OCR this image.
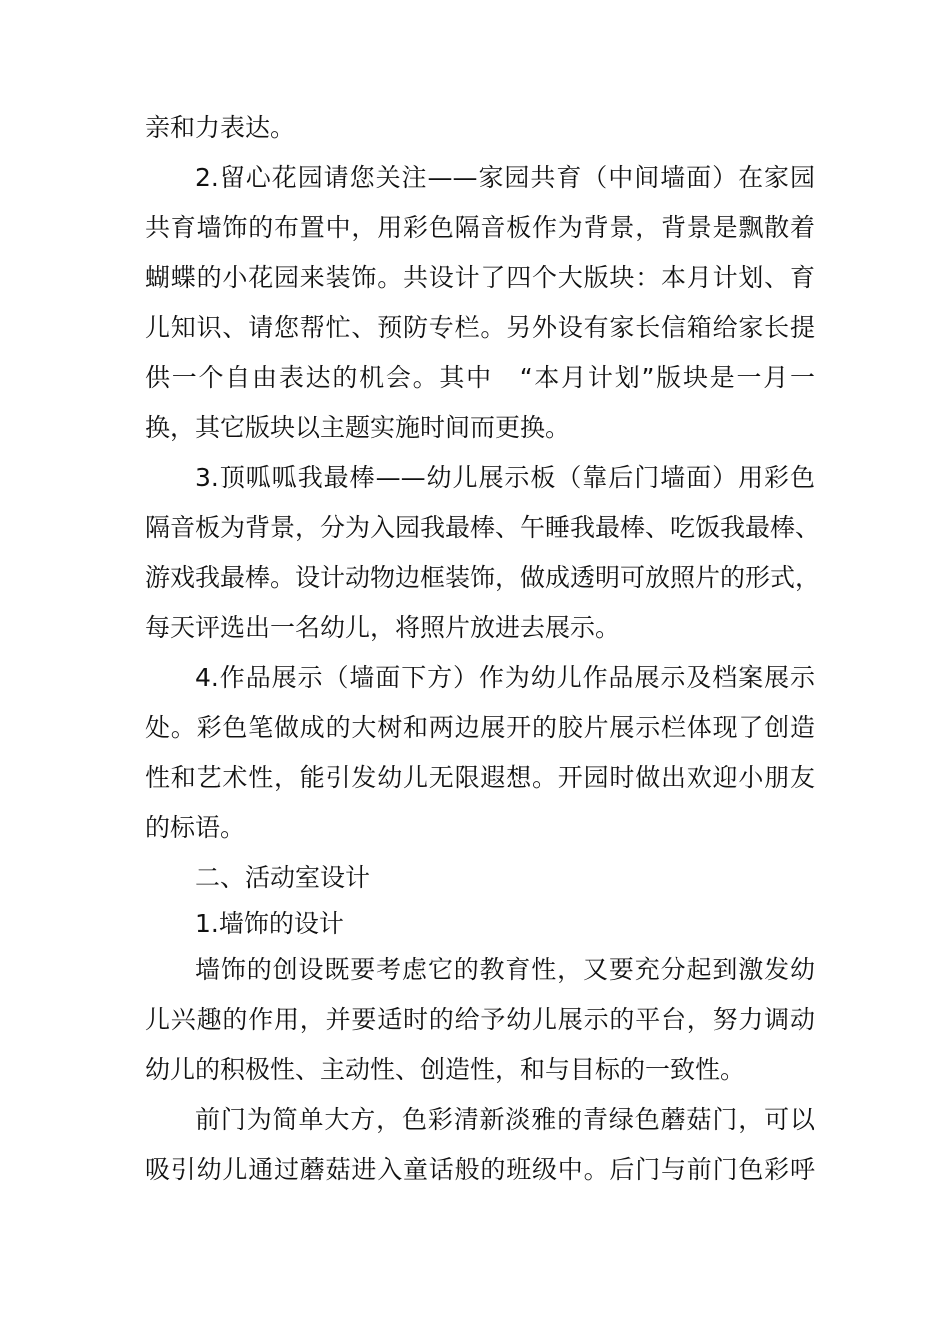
亲和力表达。
2.留心花园请您关注——家园共育（中间墙面）在家园
共育墙饰的布置中，用彩色隔音板作为背景，背景是飘散着
蝴蝶的小花园来装饰。共设计了四个大版块：本月计划、育
儿知识、请您帮忙、预防专栏。另外设有家长信箱给家长提
供一个自由表达的机会。其中　“本月计划”版块是一月一
换，其它版块以主题实施时间而更换。
3.顶呱呱我最棒——幼儿展示板（靠后门墙面）用彩色
隔音板为背景，分为入园我最棒、午睡我最棒、吃饭我最棒、
游戏我最棒。设计动物边框装饰，做成透明可放照片的形式，
每天评选出一名幼儿，将照片放进去展示。
4.作品展示（墙面下方）作为幼儿作品展示及档案展示
处。彩色笔做成的大树和两边展开的胶片展示栏体现了创造
性和艺术性，能引发幼儿无限遐想。开园时做出欢迎小朋友
的标语。
二、活动室设计
1.墙饰的设计
墙饰的创设既要考虑它的教育性，又要充分起到激发幼
儿兴趣的作用，并要适时的给予幼儿展示的平台，努力调动
幼儿的积极性、主动性、创造性，和与目标的一致性。
前门为简单大方，色彩清新淡雅的青绿色蘑菇门，可以
吸引幼儿通过蘑菇进入童话般的班级中。后门与前门色彩呼
